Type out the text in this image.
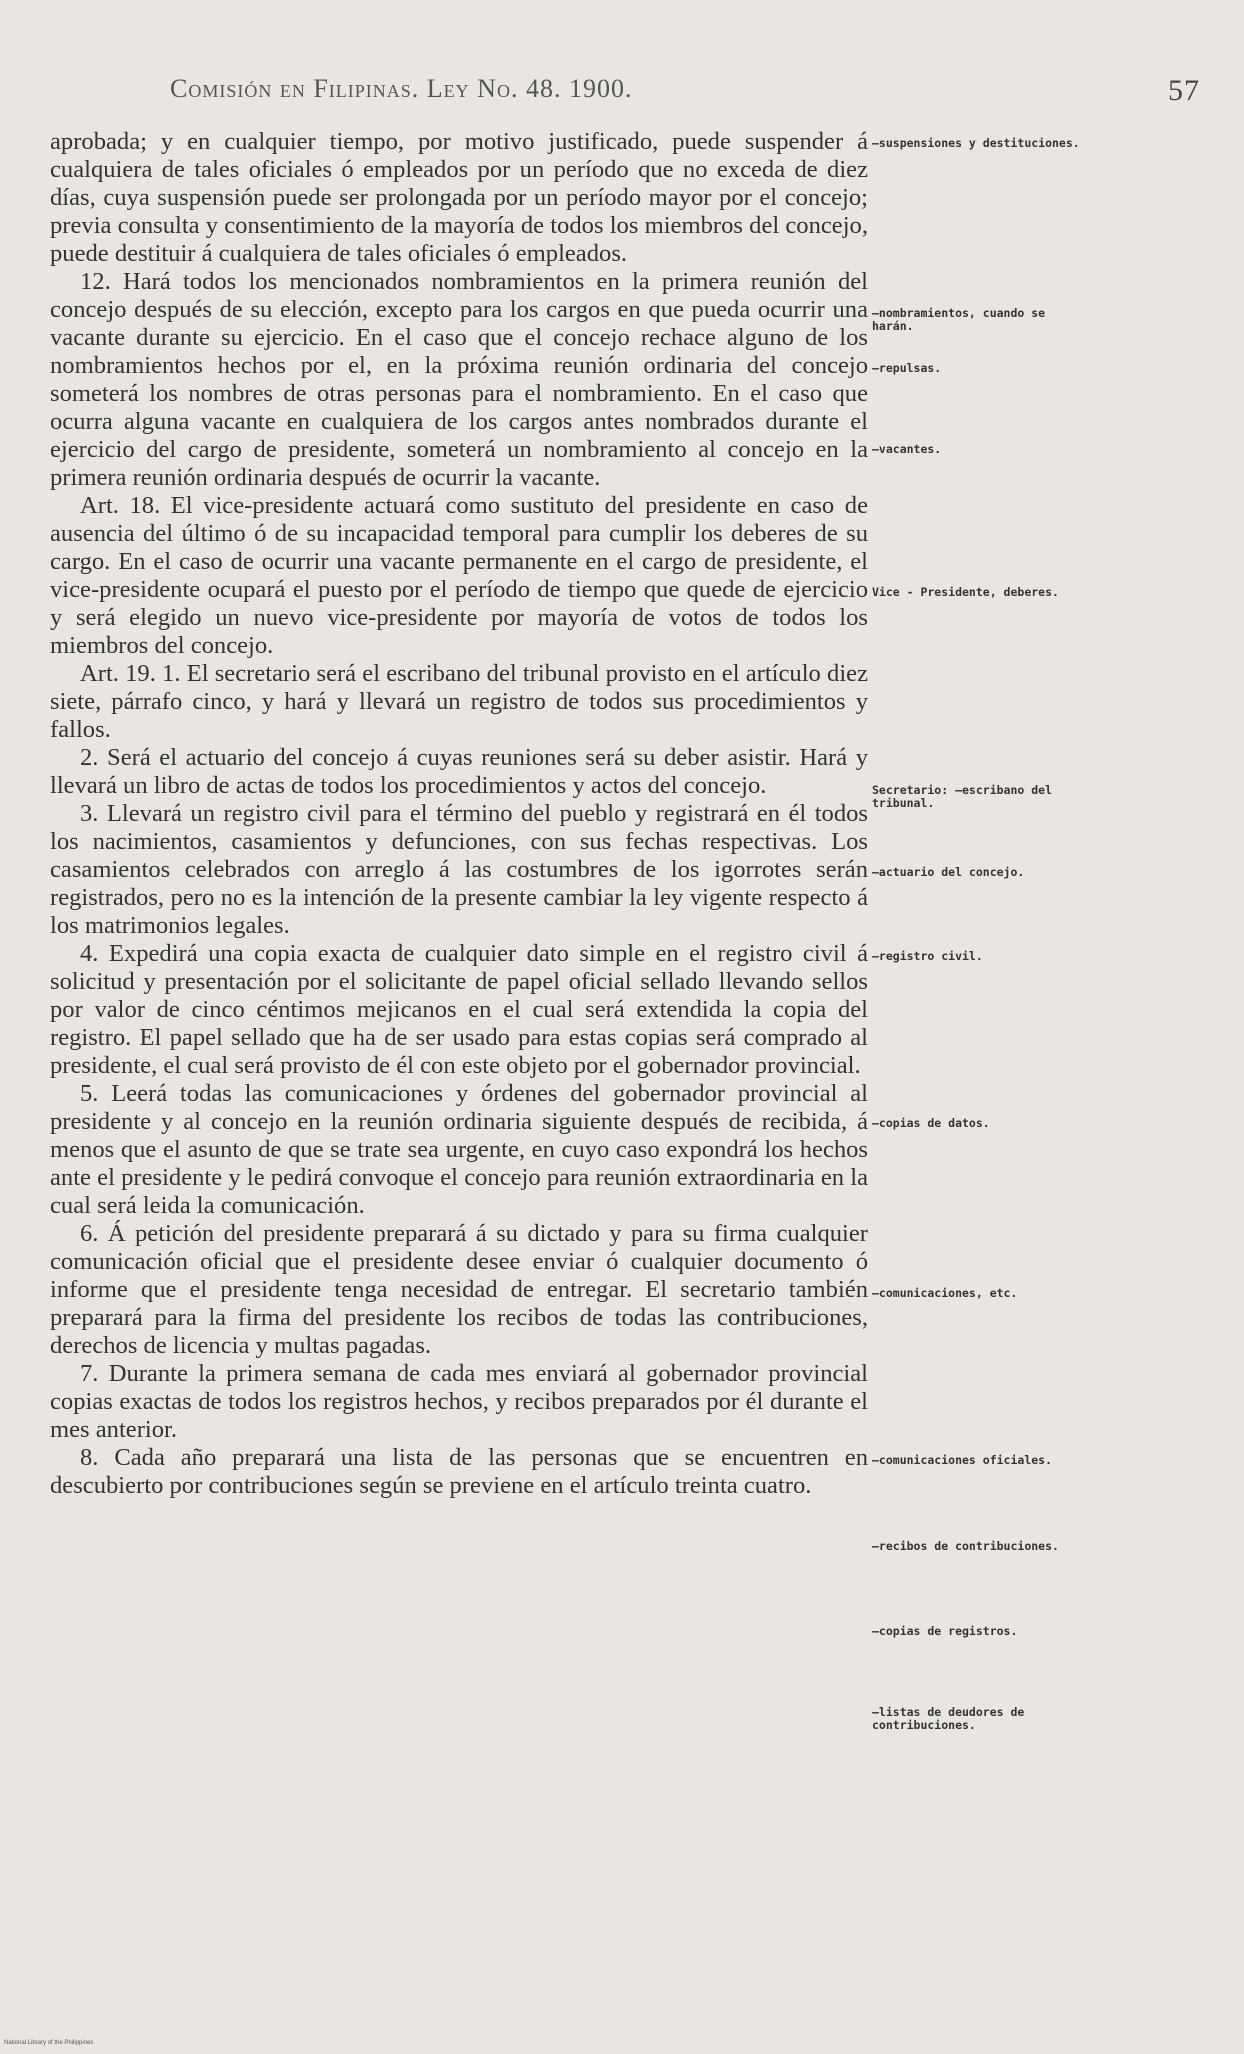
Comisión en Filipinas. Ley No. 48. 1900.	57

aprobada; y en cualquier tiempo, por motivo justificado, puede suspender á cualquiera de tales oficiales ó empleados por un período que no exceda de diez días, cuya suspensión puede ser prolongada por un período mayor por el concejo; previa consulta y consentimiento de la mayoría de todos los miembros del concejo, puede destituir á cualquiera de tales oficiales ó empleados.

12. Hará todos los mencionados nombramientos en la primera reunión del concejo después de su elección, excepto para los cargos en que pueda ocurrir una vacante durante su ejercicio. En el caso que el concejo rechace alguno de los nombramientos hechos por el, en la próxima reunión ordinaria del concejo someterá los nombres de otras personas para el nombramiento. En el caso que ocurra alguna vacante en cualquiera de los cargos antes nombrados durante el ejercicio del cargo de presidente, someterá un nombramiento al concejo en la primera reunión ordinaria después de ocurrir la vacante.

Art. 18. El vice-presidente actuará como sustituto del presidente en caso de ausencia del último ó de su incapacidad temporal para cumplir los deberes de su cargo. En el caso de ocurrir una vacante permanente en el cargo de presidente, el vice-presidente ocupará el puesto por el período de tiempo que quede de ejercicio y será elegido un nuevo vice-presidente por mayoría de votos de todos los miembros del concejo.

Art. 19. 1. El secretario será el escribano del tribunal provisto en el artículo diez siete, párrafo cinco, y hará y llevará un registro de todos sus procedimientos y fallos.

2. Será el actuario del concejo á cuyas reuniones será su deber asistir. Hará y llevará un libro de actas de todos los procedimientos y actos del concejo.

3. Llevará un registro civil para el término del pueblo y registrará en él todos los nacimientos, casamientos y defunciones, con sus fechas respectivas. Los casamientos celebrados con arreglo á las costumbres de los igorrotes serán registrados, pero no es la intención de la presente cambiar la ley vigente respecto á los matrimonios legales.

4. Expedirá una copia exacta de cualquier dato simple en el registro civil á solicitud y presentación por el solicitante de papel oficial sellado llevando sellos por valor de cinco céntimos mejicanos en el cual será extendida la copia del registro. El papel sellado que ha de ser usado para estas copias será comprado al presidente, el cual será provisto de él con este objeto por el gobernador provincial.

5. Leerá todas las comunicaciones y órdenes del gobernador provincial al presidente y al concejo en la reunión ordinaria siguiente después de recibida, á menos que el asunto de que se trate sea urgente, en cuyo caso expondrá los hechos ante el presidente y le pedirá convoque el concejo para reunión extraordinaria en la cual será leida la comunicación.

6. Á petición del presidente preparará á su dictado y para su firma cualquier comunicación oficial que el presidente desee enviar ó cualquier documento ó informe que el presidente tenga necesidad de entregar. El secretario también preparará para la firma del presidente los recibos de todas las contribuciones, derechos de licencia y multas pagadas.

7. Durante la primera semana de cada mes enviará al gobernador provincial copias exactas de todos los registros hechos, y recibos preparados por él durante el mes anterior.

8. Cada año preparará una lista de las personas que se encuentren en descubierto por contribuciones según se previene en el artículo treinta cuatro.

—suspensiones y destituciones.
—nombramientos, cuando se harán.
—repulsas.
—vacantes.
Vice - Presidente, deberes.
Secretario: —escribano del tribunal.
—actuario del concejo.
—registro civil.
—copias de datos.
—comunicaciones, etc.
—comunicaciones oficiales.
—recibos de contribuciones.
—copias de registros.
—listas de deudores de contribuciones.
National Library of the Philippines
